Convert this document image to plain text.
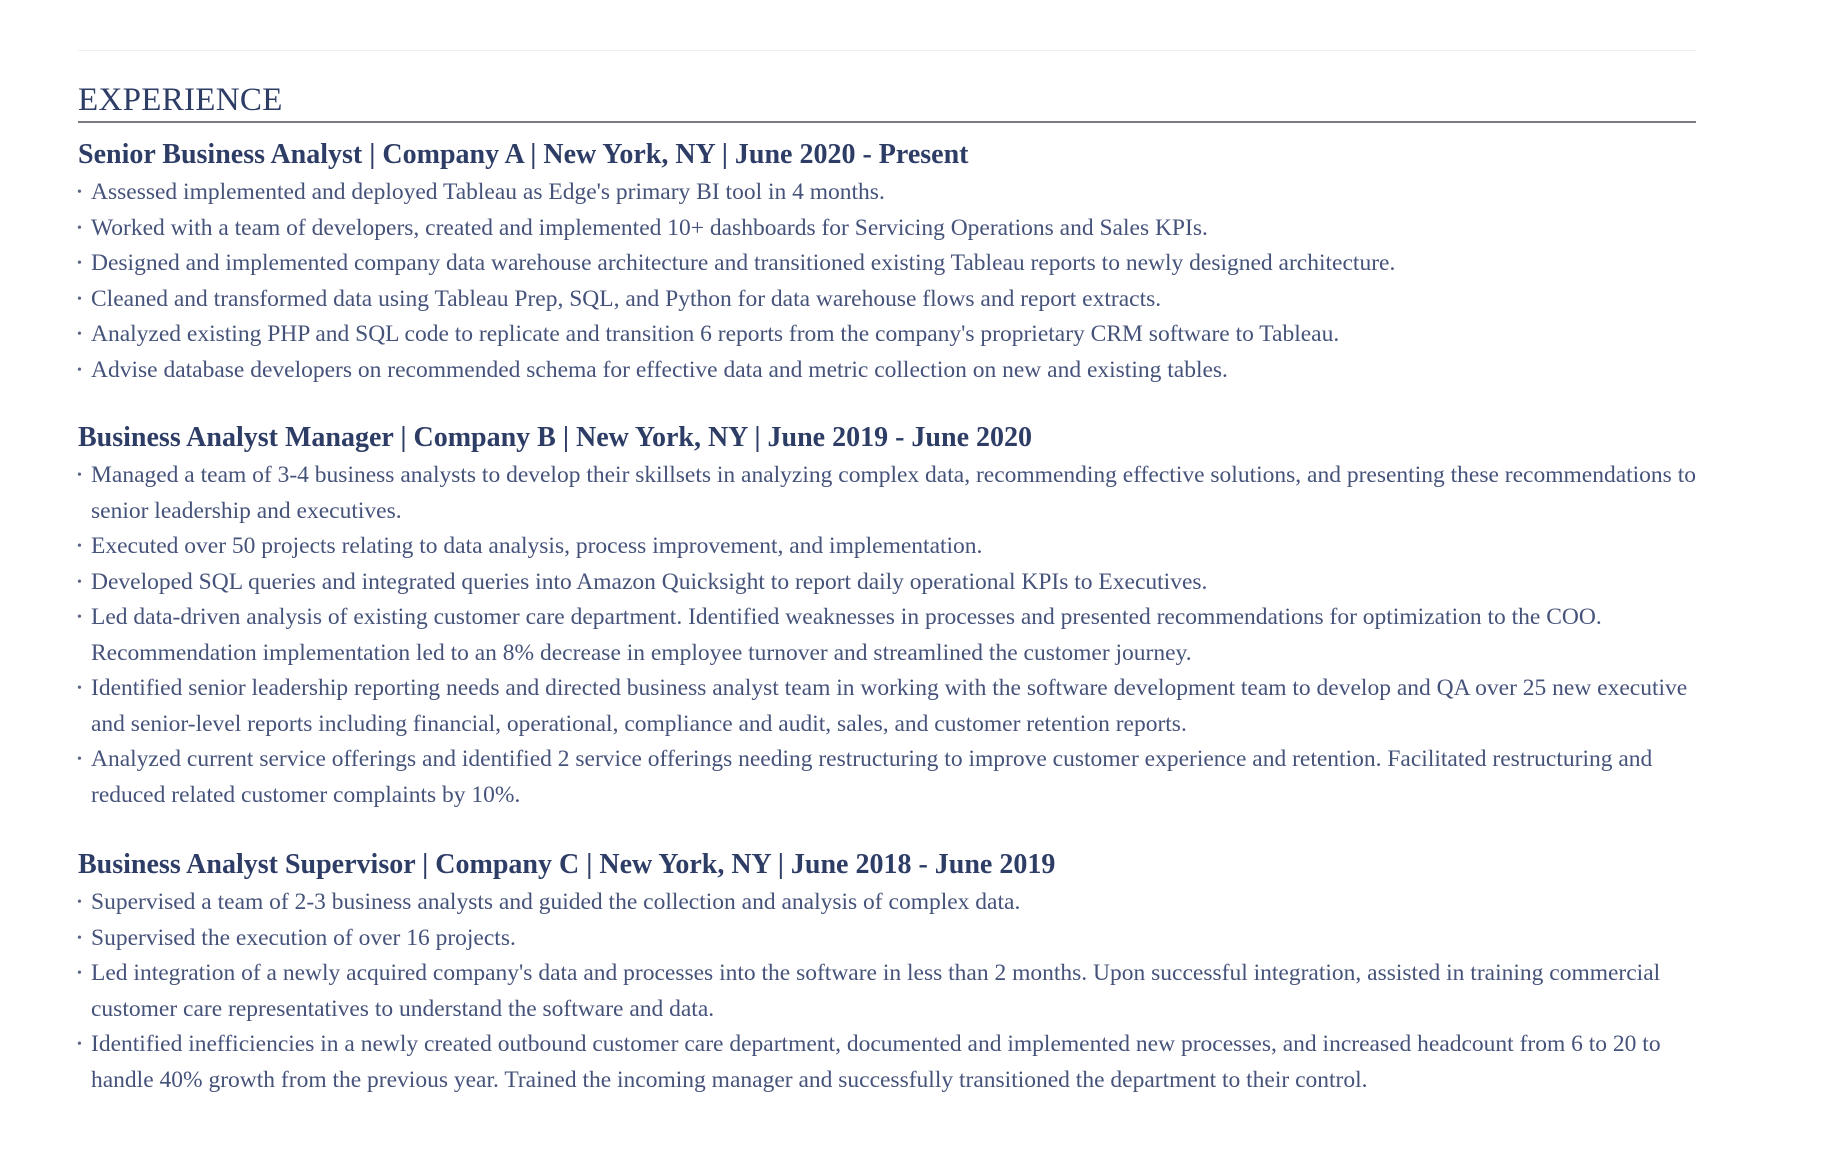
EXPERIENCE
Senior Business Analyst | Company A | New York, NY | June 2020 - Present
• Assessed implemented and deployed Tableau as Edge's primary BI tool in 4 months.
• Worked with a team of developers, created and implemented 10+ dashboards for Servicing Operations and Sales KPIs.
• Designed and implemented company data warehouse architecture and transitioned existing Tableau reports to newly designed architecture.
• Cleaned and transformed data using Tableau Prep, SQL, and Python for data warehouse flows and report extracts.
• Analyzed existing PHP and SQL code to replicate and transition 6 reports from the company's proprietary CRM software to Tableau.
• Advise database developers on recommended schema for effective data and metric collection on new and existing tables.
Business Analyst Manager | Company B | New York, NY | June 2019 - June 2020
• Managed a team of 3-4 business analysts to develop their skillsets in analyzing complex data, recommending effective solutions, and presenting these recommendations to senior leadership and executives.
• Executed over 50 projects relating to data analysis, process improvement, and implementation.
• Developed SQL queries and integrated queries into Amazon Quicksight to report daily operational KPIs to Executives.
• Led data-driven analysis of existing customer care department. Identified weaknesses in processes and presented recommendations for optimization to the COO. Recommendation implementation led to an 8% decrease in employee turnover and streamlined the customer journey.
• Identified senior leadership reporting needs and directed business analyst team in working with the software development team to develop and QA over 25 new executive and senior-level reports including financial, operational, compliance and audit, sales, and customer retention reports.
• Analyzed current service offerings and identified 2 service offerings needing restructuring to improve customer experience and retention. Facilitated restructuring and reduced related customer complaints by 10%.
Business Analyst Supervisor | Company C | New York, NY | June 2018 - June 2019
• Supervised a team of 2-3 business analysts and guided the collection and analysis of complex data.
• Supervised the execution of over 16 projects.
• Led integration of a newly acquired company's data and processes into the software in less than 2 months. Upon successful integration, assisted in training commercial customer care representatives to understand the software and data.
• Identified inefficiencies in a newly created outbound customer care department, documented and implemented new processes, and increased headcount from 6 to 20 to handle 40% growth from the previous year. Trained the incoming manager and successfully transitioned the department to their control.
